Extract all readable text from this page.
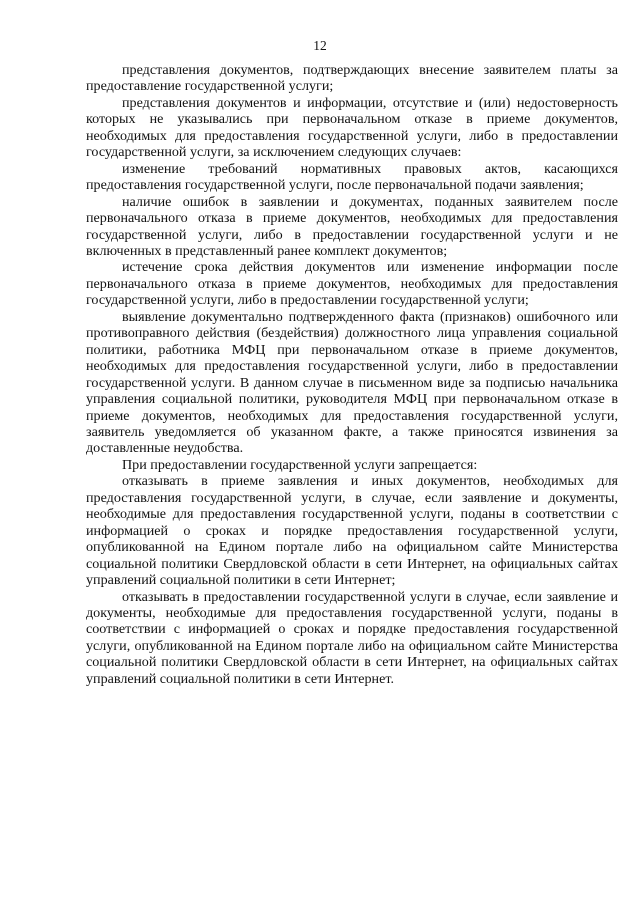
12

представления документов, подтверждающих внесение заявителем платы за предоставление государственной услуги;

представления документов и информации, отсутствие и (или) недостоверность которых не указывались при первоначальном отказе в приеме документов, необходимых для предоставления государственной услуги, либо в предоставлении государственной услуги, за исключением следующих случаев:

изменение требований нормативных правовых актов, касающихся предоставления государственной услуги, после первоначальной подачи заявления;

наличие ошибок в заявлении и документах, поданных заявителем после первоначального отказа в приеме документов, необходимых для предоставления государственной услуги, либо в предоставлении государственной услуги и не включенных в представленный ранее комплект документов;

истечение срока действия документов или изменение информации после первоначального отказа в приеме документов, необходимых для предоставления государственной услуги, либо в предоставлении государственной услуги;

выявление документально подтвержденного факта (признаков) ошибочного или противоправного действия (бездействия) должностного лица управления социальной политики, работника МФЦ при первоначальном отказе в приеме документов, необходимых для предоставления государственной услуги, либо в предоставлении государственной услуги. В данном случае в письменном виде за подписью начальника управления социальной политики, руководителя МФЦ при первоначальном отказе в приеме документов, необходимых для предоставления государственной услуги, заявитель уведомляется об указанном факте, а также приносятся извинения за доставленные неудобства.

При предоставлении государственной услуги запрещается:

отказывать в приеме заявления и иных документов, необходимых для предоставления государственной услуги, в случае, если заявление и документы, необходимые для предоставления государственной услуги, поданы в соответствии с информацией о сроках и порядке предоставления государственной услуги, опубликованной на Едином портале либо на официальном сайте Министерства социальной политики Свердловской области в сети Интернет, на официальных сайтах управлений социальной политики в сети Интернет;

отказывать в предоставлении государственной услуги в случае, если заявление и документы, необходимые для предоставления государственной услуги, поданы в соответствии с информацией о сроках и порядке предоставления государственной услуги, опубликованной на Едином портале либо на официальном сайте Министерства социальной политики Свердловской области в сети Интернет, на официальных сайтах управлений социальной политики в сети Интернет.
